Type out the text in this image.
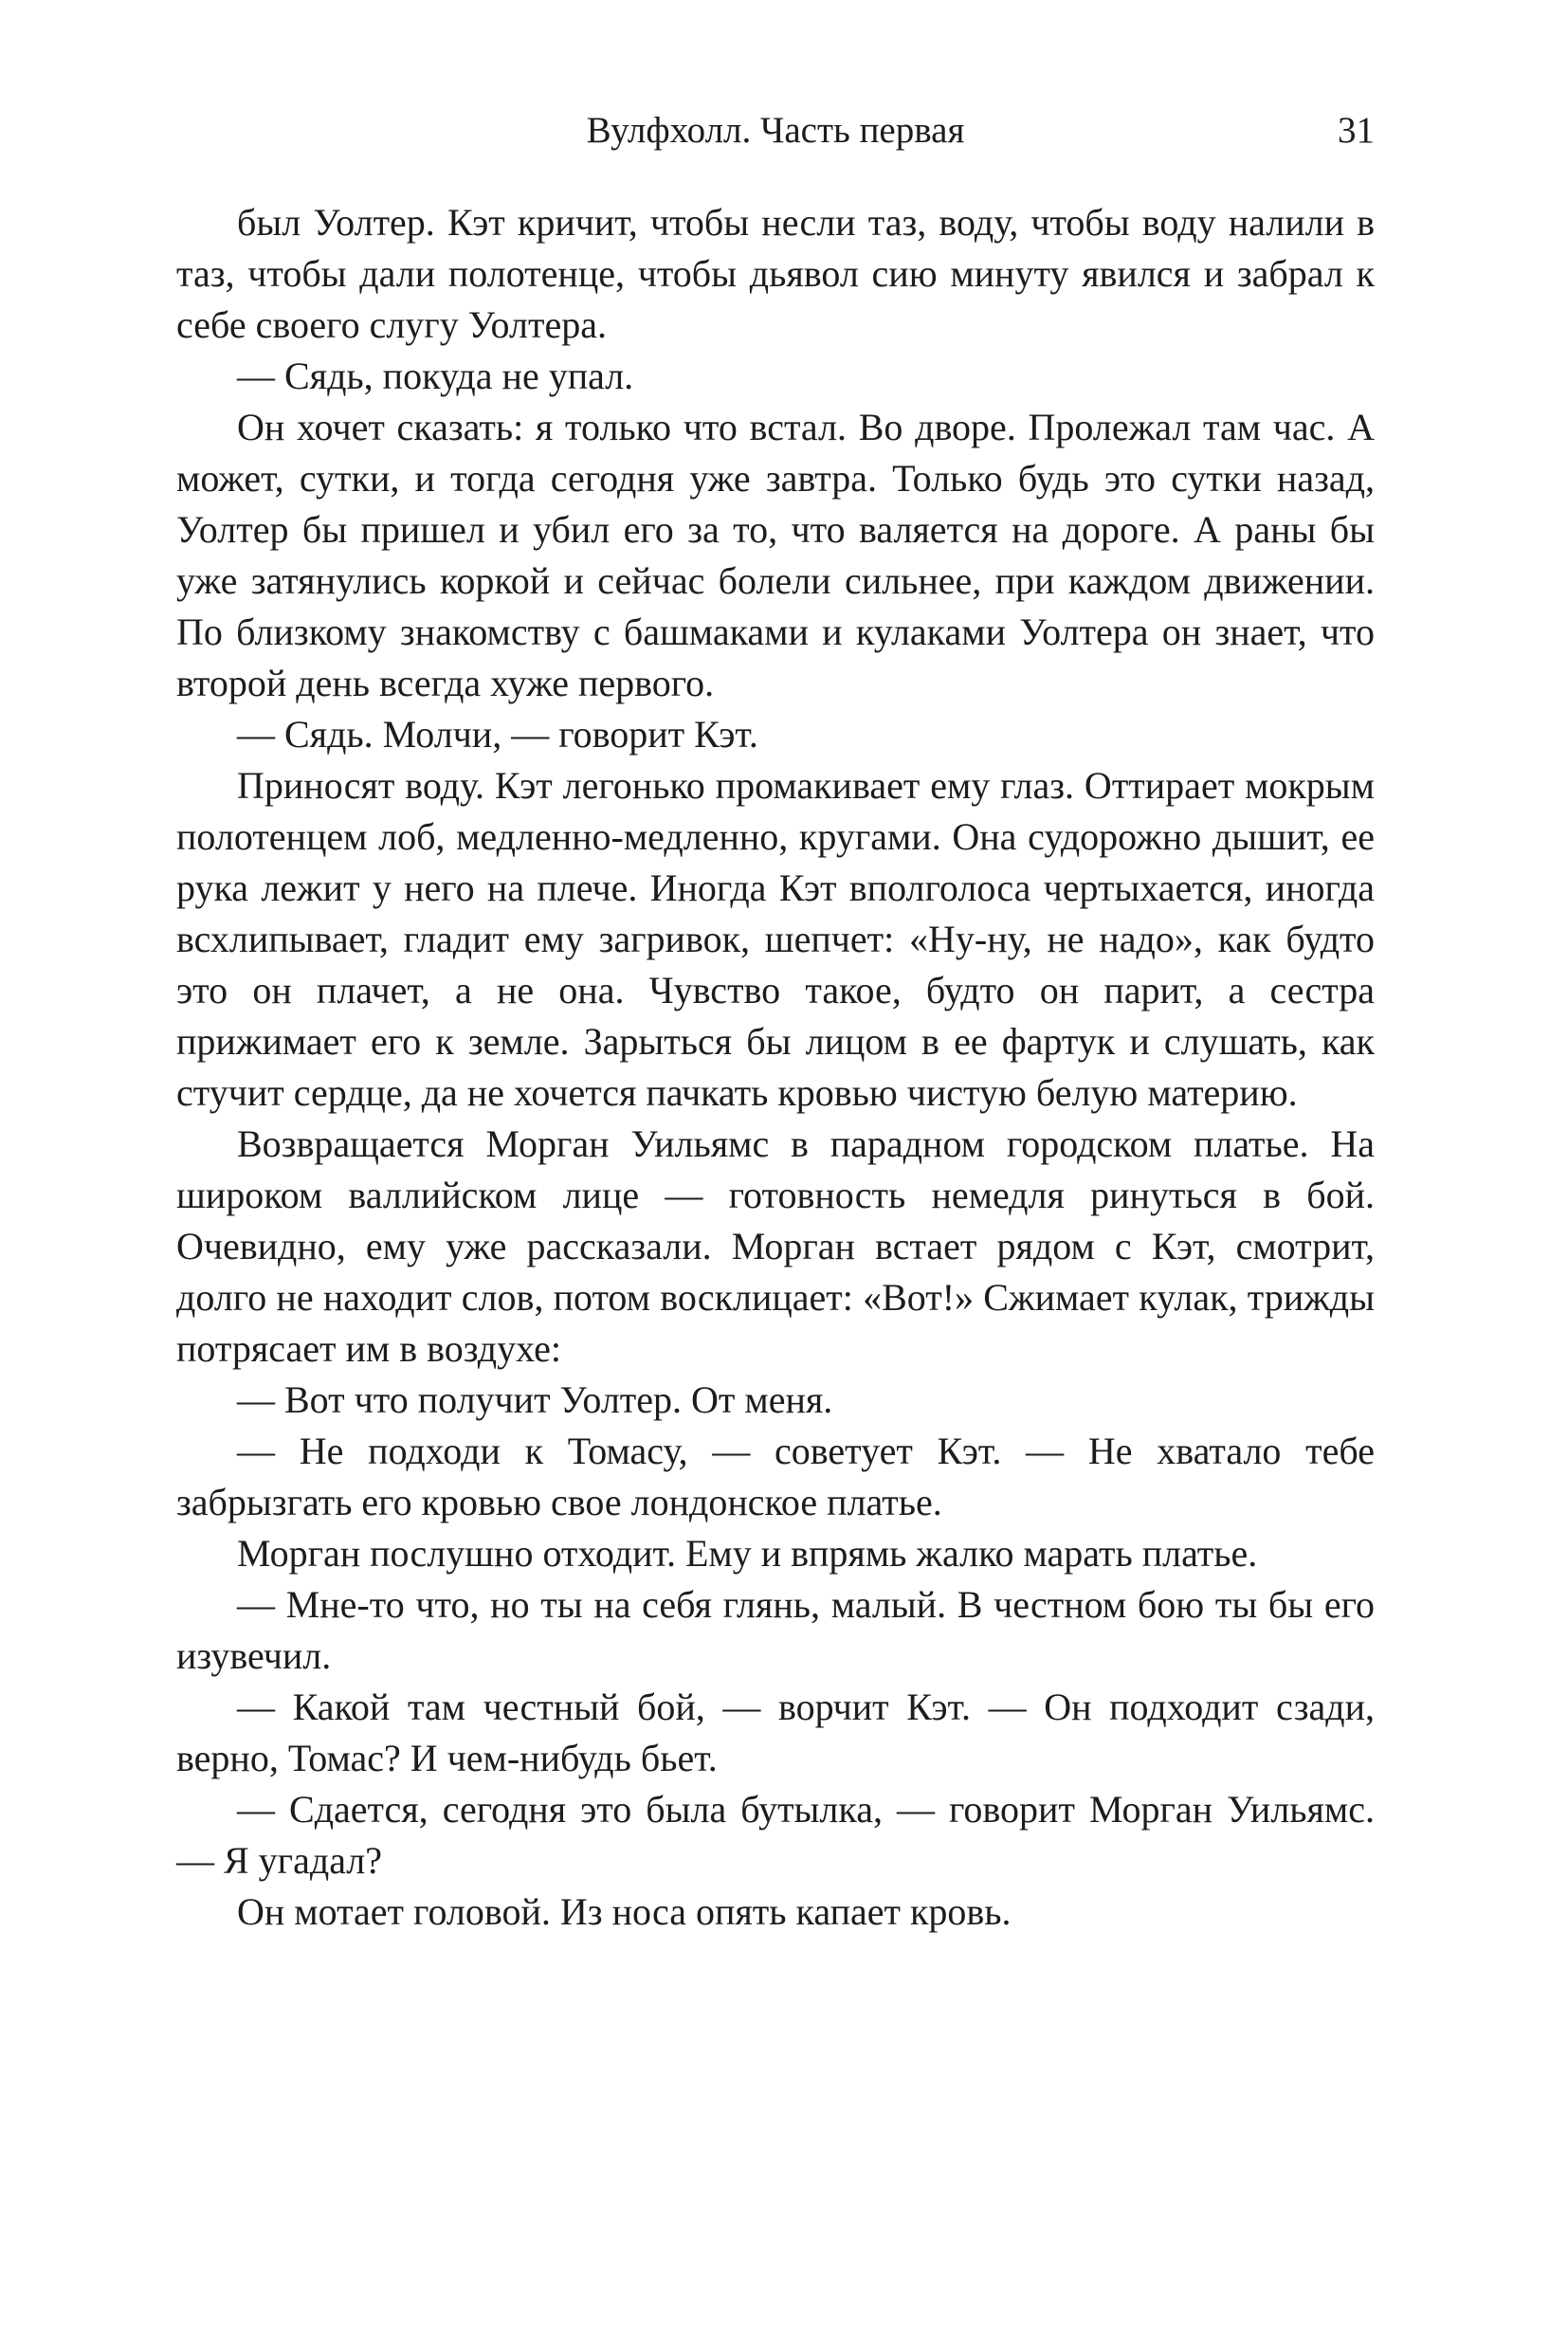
Вулфхолл. Часть первая	31

был Уолтер. Кэт кричит, чтобы несли таз, воду, чтобы воду налили в таз, чтобы дали полотенце, чтобы дьявол сию минуту явился и забрал к себе своего слугу Уолтера.

— Сядь, покуда не упал.

Он хочет сказать: я только что встал. Во дворе. Пролежал там час. А может, сутки, и тогда сегодня уже завтра. Только будь это сутки назад, Уолтер бы пришел и убил его за то, что валяется на дороге. А раны бы уже затянулись коркой и сейчас болели сильнее, при каждом движении. По близкому знакомству с башмаками и кулаками Уолтера он знает, что второй день всегда хуже первого.

— Сядь. Молчи, — говорит Кэт.

Приносят воду. Кэт легонько промакивает ему глаз. Оттирает мокрым полотенцем лоб, медленно-медленно, кругами. Она судорожно дышит, ее рука лежит у него на плече. Иногда Кэт вполголоса чертыхается, иногда всхлипывает, гладит ему загривок, шепчет: «Ну-ну, не надо», как будто это он плачет, а не она. Чувство такое, будто он парит, а сестра прижимает его к земле. Зарыться бы лицом в ее фартук и слушать, как стучит сердце, да не хочется пачкать кровью чистую белую материю.

Возвращается Морган Уильямс в парадном городском платье. На широком валлийском лице — готовность немедля ринуться в бой. Очевидно, ему уже рассказали. Морган встает рядом с Кэт, смотрит, долго не находит слов, потом восклицает: «Вот!» Сжимает кулак, трижды потрясает им в воздухе:

— Вот что получит Уолтер. От меня.

— Не подходи к Томасу, — советует Кэт. — Не хватало тебе забрызгать его кровью свое лондонское платье.

Морган послушно отходит. Ему и впрямь жалко марать платье.

— Мне-то что, но ты на себя глянь, малый. В честном бою ты бы его изувечил.

— Какой там честный бой, — ворчит Кэт. — Он подходит сзади, верно, Томас? И чем-нибудь бьет.

— Сдается, сегодня это была бутылка, — говорит Морган Уильямс. — Я угадал?

Он мотает головой. Из носа опять капает кровь.
